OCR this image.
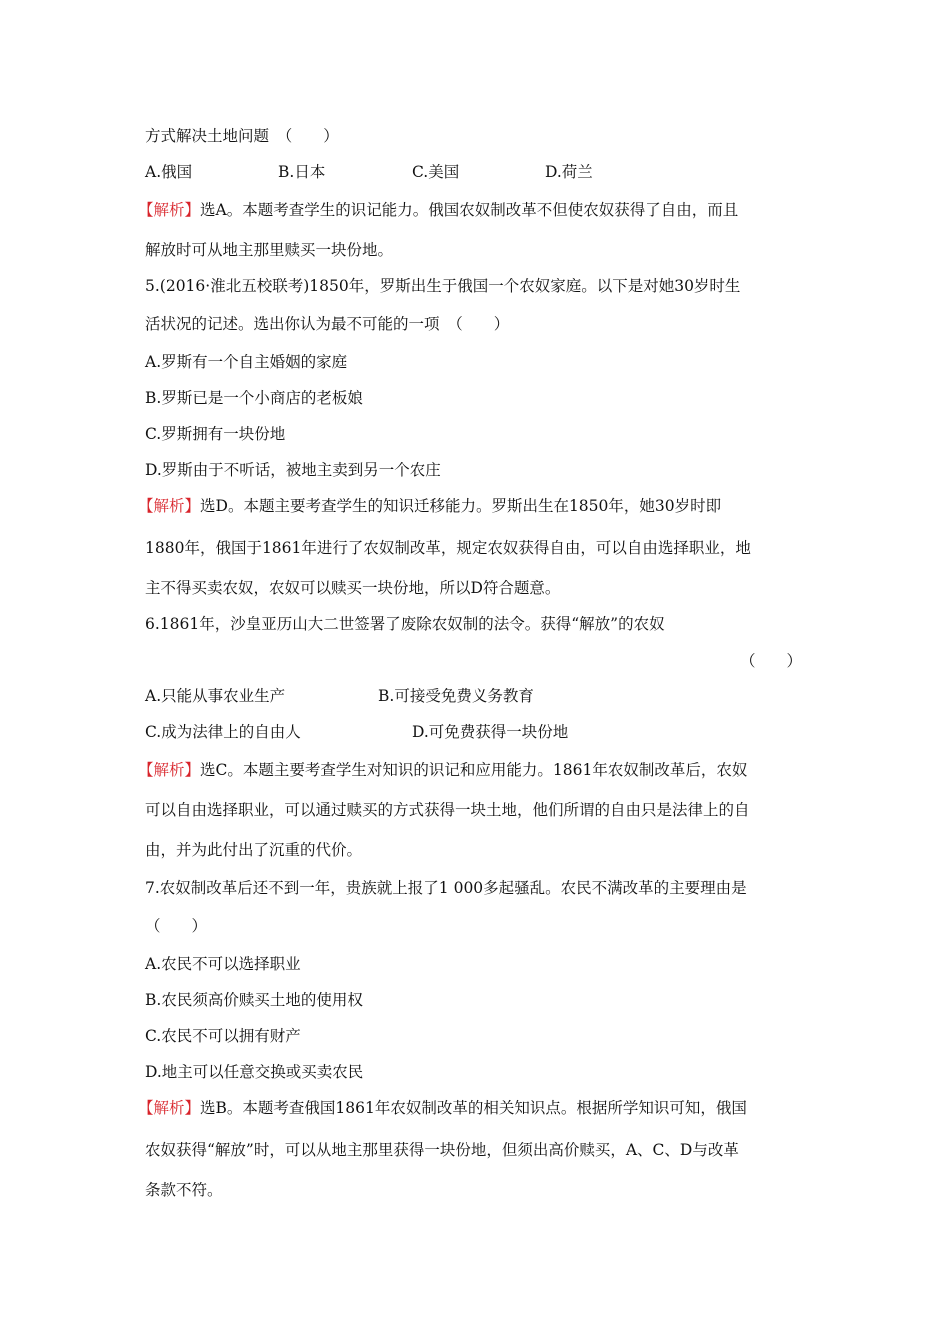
方式解决土地问题　（　　）
A.俄国	B.日本	C.美国	D.荷兰
【解析】选A。本题考查学生的识记能力。俄国农奴制改革不但使农奴获得了自由，而且
解放时可从地主那里赎买一块份地。
5.(2016·淮北五校联考)1850年，罗斯出生于俄国一个农奴家庭。以下是对她30岁时生
活状况的记述。选出你认为最不可能的一项　（　　）
A.罗斯有一个自主婚姻的家庭
B.罗斯已是一个小商店的老板娘
C.罗斯拥有一块份地
D.罗斯由于不听话，被地主卖到另一个农庄
【解析】选D。本题主要考查学生的知识迁移能力。罗斯出生在1850年，她30岁时即
1880年，俄国于1861年进行了农奴制改革，规定农奴获得自由，可以自由选择职业，地
主不得买卖农奴，农奴可以赎买一块份地，所以D符合题意。
6.1861年，沙皇亚历山大二世签署了废除农奴制的法令。获得“解放”的农奴
（　　）
A.只能从事农业生产	B.可接受免费义务教育
C.成为法律上的自由人	D.可免费获得一块份地
【解析】选C。本题主要考查学生对知识的识记和应用能力。1861年农奴制改革后，农奴
可以自由选择职业，可以通过赎买的方式获得一块土地，他们所谓的自由只是法律上的自
由，并为此付出了沉重的代价。
7.农奴制改革后还不到一年，贵族就上报了1 000多起骚乱。农民不满改革的主要理由是
（　　）
A.农民不可以选择职业
B.农民须高价赎买土地的使用权
C.农民不可以拥有财产
D.地主可以任意交换或买卖农民
【解析】选B。本题考查俄国1861年农奴制改革的相关知识点。根据所学知识可知，俄国
农奴获得“解放”时，可以从地主那里获得一块份地，但须出高价赎买，A、C、D与改革
条款不符。
